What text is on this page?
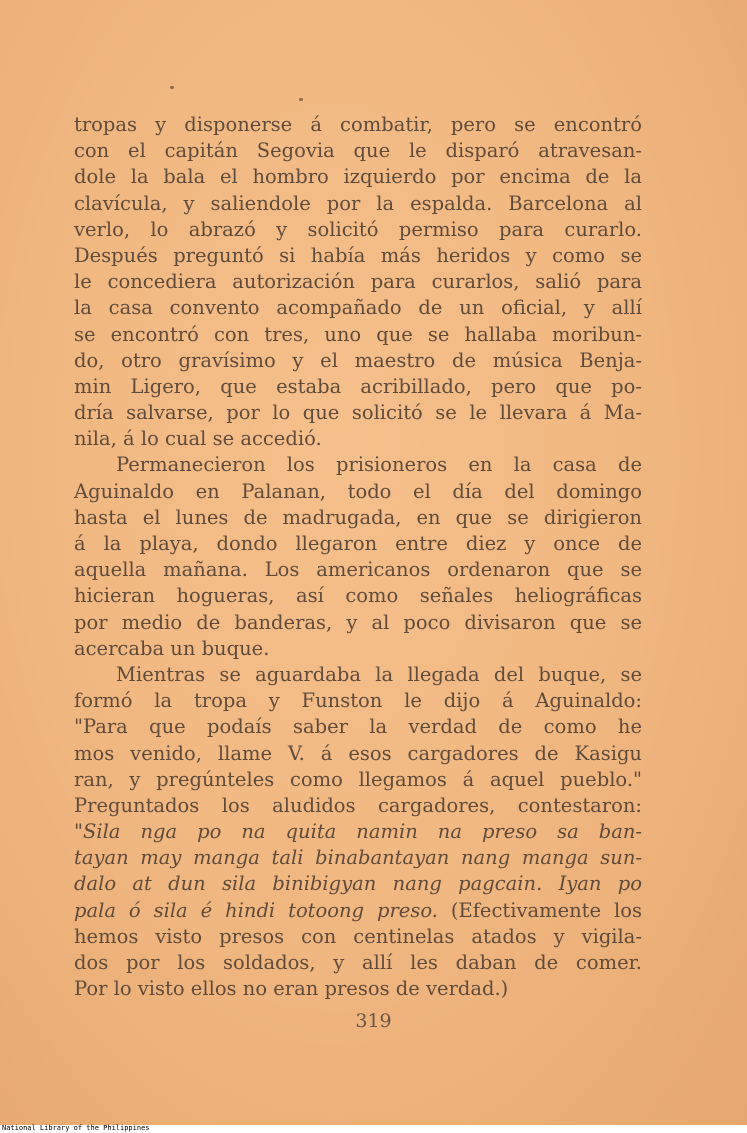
tropas y disponerse á combatir, pero se encontró
con el capitán Segovia que le disparó atravesan-
dole la bala el hombro izquierdo por encima de la
clavícula, y saliendole por la espalda. Barcelona al
verlo, lo abrazó y solicitó permiso para curarlo.
Después preguntó si había más heridos y como se
le concediera autorización para curarlos, salió para
la casa convento acompañado de un oficial, y allí
se encontró con tres, uno que se hallaba moribun-
do, otro gravísimo y el maestro de música Benja-
min Ligero, que estaba acribillado, pero que po-
dría salvarse, por lo que solicitó se le llevara á Ma-
nila, á lo cual se accedió.
Permanecieron los prisioneros en la casa de
Aguinaldo en Palanan, todo el día del domingo
hasta el lunes de madrugada, en que se dirigieron
á la playa, dondo llegaron entre diez y once de
aquella mañana. Los americanos ordenaron que se
hicieran hogueras, así como señales heliográficas
por medio de banderas, y al poco divisaron que se
acercaba un buque.
Mientras se aguardaba la llegada del buque, se
formó la tropa y Funston le dijo á Aguinaldo:
"Para que podaís saber la verdad de como he
mos venido, llame V. á esos cargadores de Kasigu
ran, y pregúnteles como llegamos á aquel pueblo."
Preguntados los aludidos cargadores, contestaron:
"Sila nga po na quita namin na preso sa ban-
tayan may manga tali binabantayan nang manga sun-
dalo at dun sila binibigyan nang pagcain. Iyan po
pala ó sila é hindi totoong preso. (Efectivamente los
hemos visto presos con centinelas atados y vigila-
dos por los soldados, y allí les daban de comer.
Por lo visto ellos no eran presos de verdad.)
319
National Library of the Philippines
